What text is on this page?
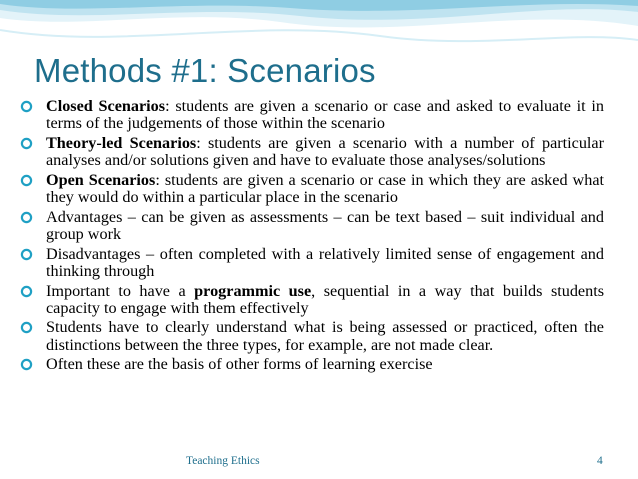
Methods #1: Scenarios
Closed Scenarios: students are given a scenario or case and asked to evaluate it in terms of the judgements of those within the scenario
Theory-led Scenarios: students are given a scenario with a number of particular analyses and/or solutions given and have to evaluate those analyses/solutions
Open Scenarios: students are given a scenario or case in which they are asked what they would do within a particular place in the scenario
Advantages – can be given as assessments – can be text based – suit individual and group work
Disadvantages – often completed with a relatively limited sense of engagement and thinking through
Important to have a programmic use, sequential in a way that builds students capacity to engage with them effectively
Students have to clearly understand what is being assessed or practiced, often the distinctions between the three types, for example, are not made clear.
Often these are the basis of other forms of learning exercise
Teaching Ethics	4
